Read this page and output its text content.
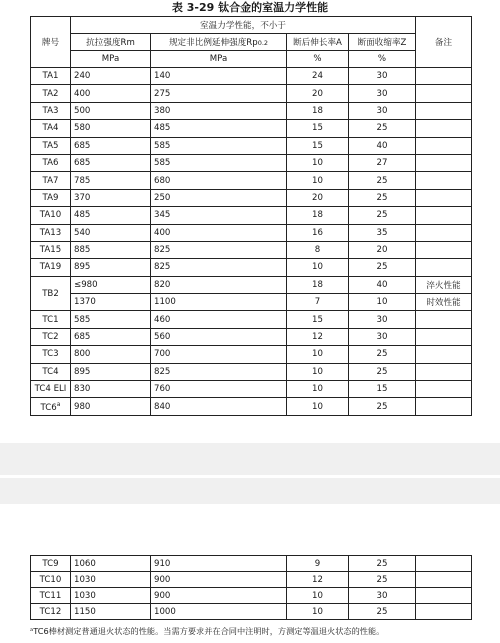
表 3-29 钛合金的室温力学性能
牌号	室温力学性能，不小于				备注
	抗拉强度Rm	规定非比例延伸强度Rp0.2	断后伸长率A	断面收缩率Z	
	MPa	MPa	%	%	
TA1	240	140	24	30	
TA2	400	275	20	30	
TA3	500	380	18	30	
TA4	580	485	15	25	
TA5	685	585	15	40	
TA6	685	585	10	27	
TA7	785	680	10	25	
TA9	370	250	20	25	
TA10	485	345	18	25	
TA13	540	400	16	35	
TA15	885	825	8	20	
TA19	895	825	10	25	
TB2	≤980	820	18	40	淬火性能
	1370	1100	7	10	时效性能
TC1	585	460	15	30	
TC2	685	560	12	30	
TC3	800	700	10	25	
TC4	895	825	10	25	
TC4 ELI	830	760	10	15	
TC6$^a$	980	840	10	25	
TC9	1060	910	9	25	
TC10	1030	900	12	25	
TC11	1030	900	10	30	
TC12	1150	1000	10	25	
ᵃTC6棒材测定普通退火状态的性能。当需方要求并在合同中注明时，方测定等温退火状态的性能。
